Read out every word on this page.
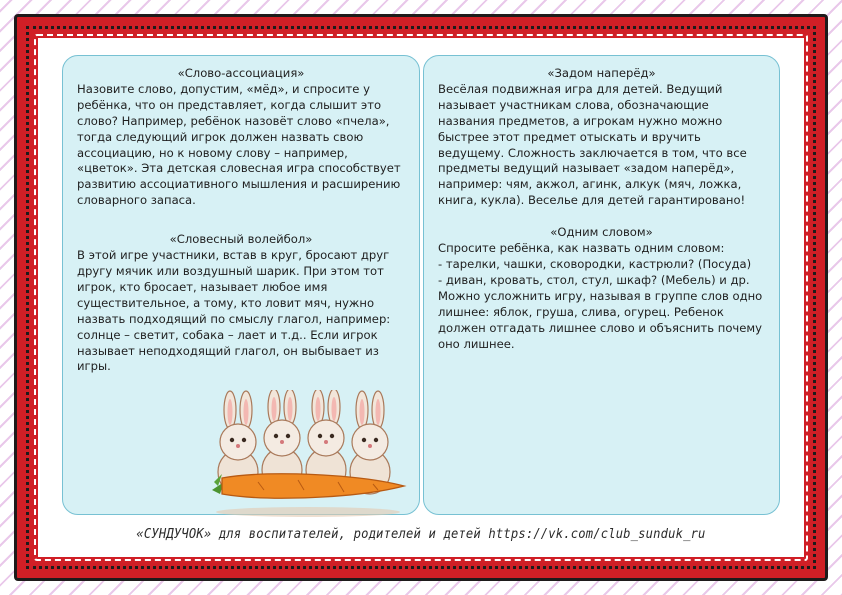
«Слово-ассоциация»

Назовите слово, допустим, «мёд», и спросите у ребёнка, что он представляет, когда слышит это слово? Например, ребёнок назовёт слово «пчела», тогда следующий игрок должен назвать свою ассоциацию, но к новому слову – например, «цветок». Эта детская словесная игра способствует развитию ассоциативного мышления и расширению словарного запаса.

«Словесный волейбол»

В этой игре участники, встав в круг, бросают друг другу мячик или воздушный шарик. При этом тот игрок, кто бросает, называет любое имя существительное, а тому, кто ловит мяч, нужно назвать подходящий по смыслу глагол, например: солнце – светит, собака – лает и т.д.. Если игрок называет неподходящий глагол, он выбывает из игры.

«Задом наперёд»

Весёлая подвижная игра для детей. Ведущий называет участникам слова, обозначающие названия предметов, а игрокам нужно можно быстрее этот предмет отыскать и вручить ведущему. Сложность заключается в том, что все предметы ведущий называет «задом наперёд», например: чям, акжол, агинк, алкук (мяч, ложка, книга, кукла). Веселье для детей гарантировано!

«Одним словом»

Спросите ребёнка, как назвать одним словом:
- тарелки, чашки, сковородки, кастрюли? (Посуда)
- диван, кровать, стол, стул, шкаф? (Мебель) и др.
Можно усложнить игру, называя в группе слов одно лишнее: яблок, груша, слива, огурец. Ребенок должен отгадать лишнее слово и объяснить почему оно лишнее.

«СУНДУЧОК» для воспитателей, родителей и детей https://vk.com/club_sunduk_ru
